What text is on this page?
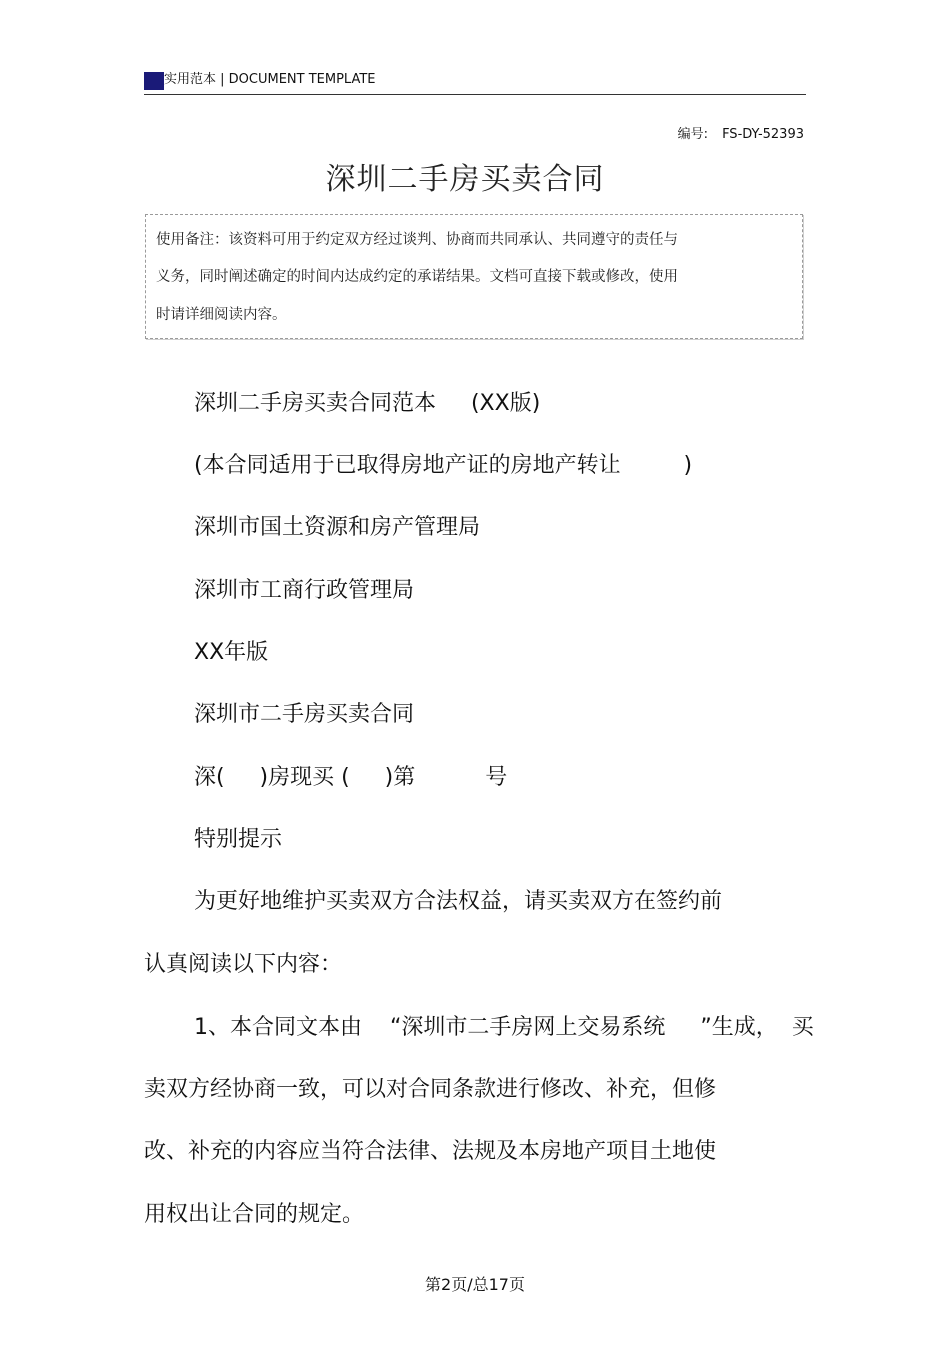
实用范本 | DOCUMENT TEMPLATE
编号: FS-DY-52393
深圳二手房买卖合同
使用备注：该资料可用于约定双方经过谈判、协商而共同承认、共同遵守的责任与
义务，同时阐述确定的时间内达成约定的承诺结果。文档可直接下载或修改，使用
时请详细阅读内容。
深圳二手房买卖合同范本     (XX版)
(本合同适用于已取得房地产证的房地产转让         )
深圳市国土资源和房产管理局
深圳市工商行政管理局
XX年版
深圳市二手房买卖合同
深(     )房现买 (     )第          号
特别提示
为更好地维护买卖双方合法权益，请买卖双方在签约前
认真阅读以下内容：
1、本合同文本由    “深圳市二手房网上交易系统     ”生成，  买
卖双方经协商一致，可以对合同条款进行修改、补充，但修
改、补充的内容应当符合法律、法规及本房地产项目土地使
用权出让合同的规定。
第2页/总17页
